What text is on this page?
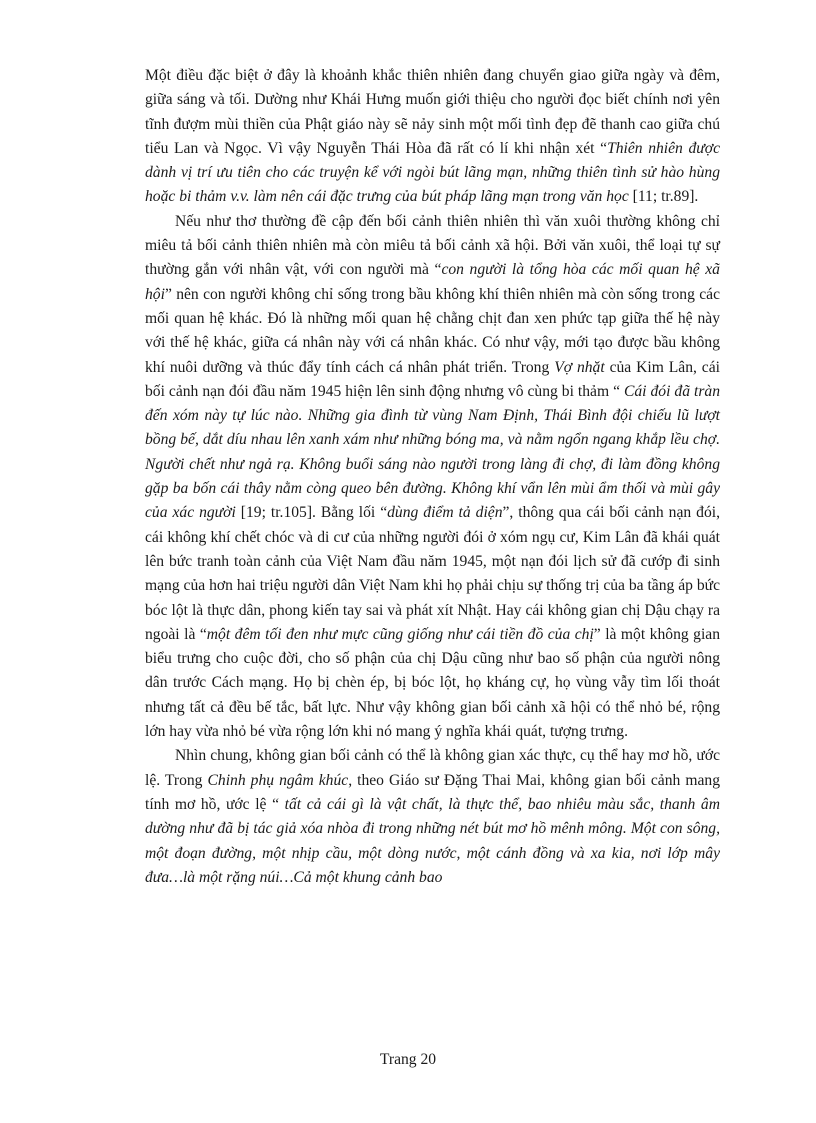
Một điều đặc biệt ở đây là khoảnh khắc thiên nhiên đang chuyển giao giữa ngày và đêm, giữa sáng và tối. Dường như Khái Hưng muốn giới thiệu cho người đọc biết chính nơi yên tĩnh đượm mùi thiền của Phật giáo này sẽ nảy sinh một mối tình đẹp đẽ thanh cao giữa chú tiểu Lan và Ngọc. Vì vậy Nguyễn Thái Hòa đã rất có lí khi nhận xét “Thiên nhiên được dành vị trí ưu tiên cho các truyện kể với ngòi bút lãng mạn, những thiên tình sử hào hùng hoặc bi thảm v.v. làm nên cái đặc trưng của bút pháp lãng mạn trong văn học [11; tr.89].

Nếu như thơ thường đề cập đến bối cảnh thiên nhiên thì văn xuôi thường không chỉ miêu tả bối cảnh thiên nhiên mà còn miêu tả bối cảnh xã hội. Bởi văn xuôi, thể loại tự sự thường gắn với nhân vật, với con người mà “con người là tổng hòa các mối quan hệ xã hội” nên con người không chỉ sống trong bầu không khí thiên nhiên mà còn sống trong các mối quan hệ khác. Đó là những mối quan hệ chằng chịt đan xen phức tạp giữa thế hệ này với thế hệ khác, giữa cá nhân này với cá nhân khác. Có như vậy, mới tạo được bầu không khí nuôi dưỡng và thúc đẩy tính cách cá nhân phát triển. Trong Vợ nhặt của Kim Lân, cái bối cảnh nạn đói đầu năm 1945 hiện lên sinh động nhưng vô cùng bi thảm “ Cái đói đã tràn đến xóm này tự lúc nào. Những gia đình từ vùng Nam Định, Thái Bình đội chiếu lũ lượt bồng bế, dắt díu nhau lên xanh xám như những bóng ma, và nằm ngổn ngang khắp lều chợ. Người chết như ngả rạ. Không buổi sáng nào người trong làng đi chợ, đi làm đồng không gặp ba bốn cái thây nằm còng queo bên đường. Không khí vẩn lên mùi ẩm thối và mùi gây của xác người [19; tr.105]. Bằng lối “dùng điểm tả diện”, thông qua cái bối cảnh nạn đói, cái không khí chết chóc và di cư của những người đói ở xóm ngụ cư, Kim Lân đã khái quát lên bức tranh toàn cảnh của Việt Nam đầu năm 1945, một nạn đói lịch sử đã cướp đi sinh mạng của hơn hai triệu người dân Việt Nam khi họ phải chịu sự thống trị của ba tầng áp bức bóc lột là thực dân, phong kiến tay sai và phát xít Nhật. Hay cái không gian chị Dậu chạy ra ngoài là “một đêm tối đen như mực cũng giống như cái tiền đồ của chị” là một không gian biểu trưng cho cuộc đời, cho số phận của chị Dậu cũng như bao số phận của người nông dân trước Cách mạng. Họ bị chèn ép, bị bóc lột, họ kháng cự, họ vùng vẫy tìm lối thoát nhưng tất cả đều bế tắc, bất lực. Như vậy không gian bối cảnh xã hội có thể nhỏ bé, rộng lớn hay vừa nhỏ bé vừa rộng lớn khi nó mang ý nghĩa khái quát, tượng trưng.

Nhìn chung, không gian bối cảnh có thể là không gian xác thực, cụ thể hay mơ hồ, ước lệ. Trong Chinh phụ ngâm khúc, theo Giáo sư Đặng Thai Mai, không gian bối cảnh mang tính mơ hồ, ước lệ “ tất cả cái gì là vật chất, là thực thể, bao nhiêu màu sắc, thanh âm dường như đã bị tác giả xóa nhòa đi trong những nét bút mơ hồ mênh mông. Một con sông, một đoạn đường, một nhịp cầu, một dòng nước, một cánh đồng và xa kia, nơi lớp mây đưa…là một rặng núi…Cả một khung cảnh bao

Trang 20
